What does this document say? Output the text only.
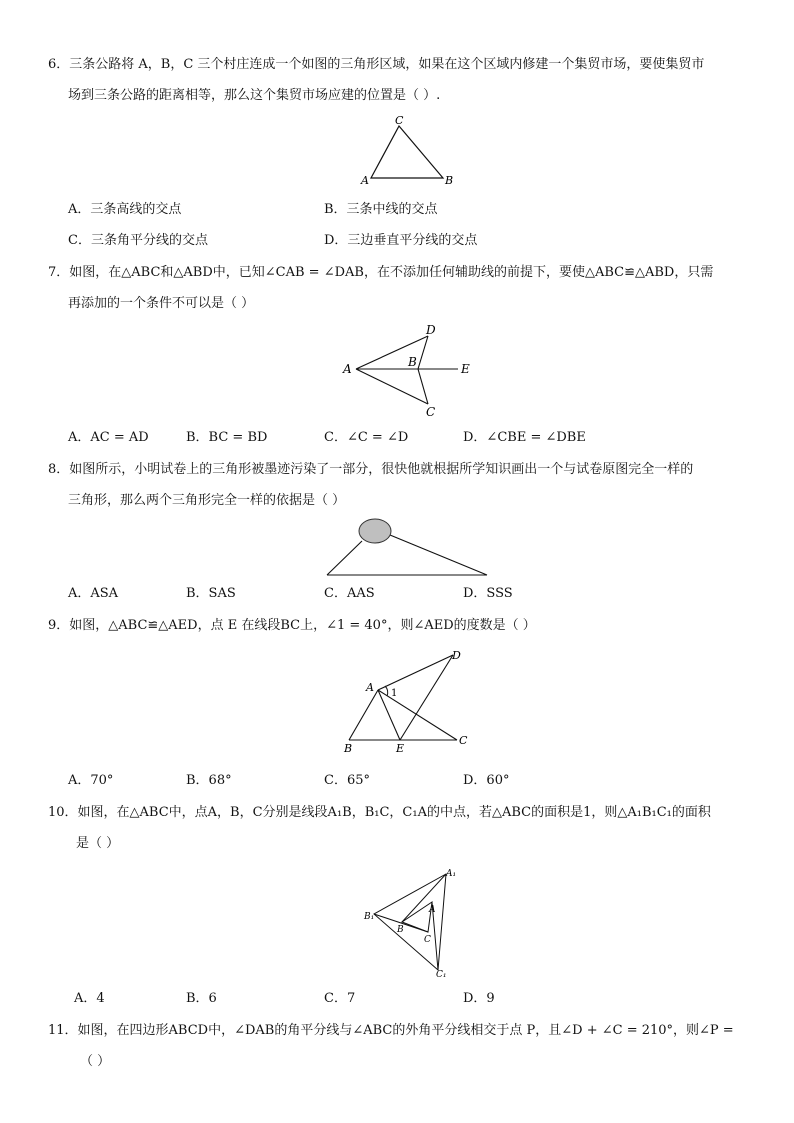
6．三条公路将 A，B，C 三个村庄连成一个如图的三角形区域，如果在这个区域内修建一个集贸市场，要使集贸市
场到三条公路的距离相等，那么这个集贸市场应建的位置是（ ）.
C
A	B
A．三条高线的交点	B．三条中线的交点
C．三条角平分线的交点	D．三边垂直平分线的交点
7．如图，在△ABC和△ABD中，已知∠CAB = ∠DAB，在不添加任何辅助线的前提下，要使△ABC≌△ABD，只需
再添加的一个条件不可以是（ ）
D
A	B	E
C
A．AC = AD	B．BC = BD	C．∠C = ∠D	D．∠CBE = ∠DBE
8．如图所示，小明试卷上的三角形被墨迹污染了一部分，很快他就根据所学知识画出一个与试卷原图完全一样的
三角形，那么两个三角形完全一样的依据是（ ）
A．ASA	B．SAS	C．AAS	D．SSS
9．如图，△ABC≌△AED，点 E 在线段BC上，∠1 = 40°，则∠AED的度数是（ ）
D
A 1
B	E
C
A．70°	B．68°	C．65°	D．60°
10．如图，在△ABC中，点A，B，C分别是线段A₁B，B₁C，C₁A的中点，若△ABC的面积是1，则△A₁B₁C₁的面积
是（ ）
A₁
A
B₁
B
C
C₁
A．4	B．6	C．7	D．9
11．如图，在四边形ABCD中，∠DAB的角平分线与∠ABC的外角平分线相交于点 P，且∠D + ∠C = 210°，则∠P =
（ ）
